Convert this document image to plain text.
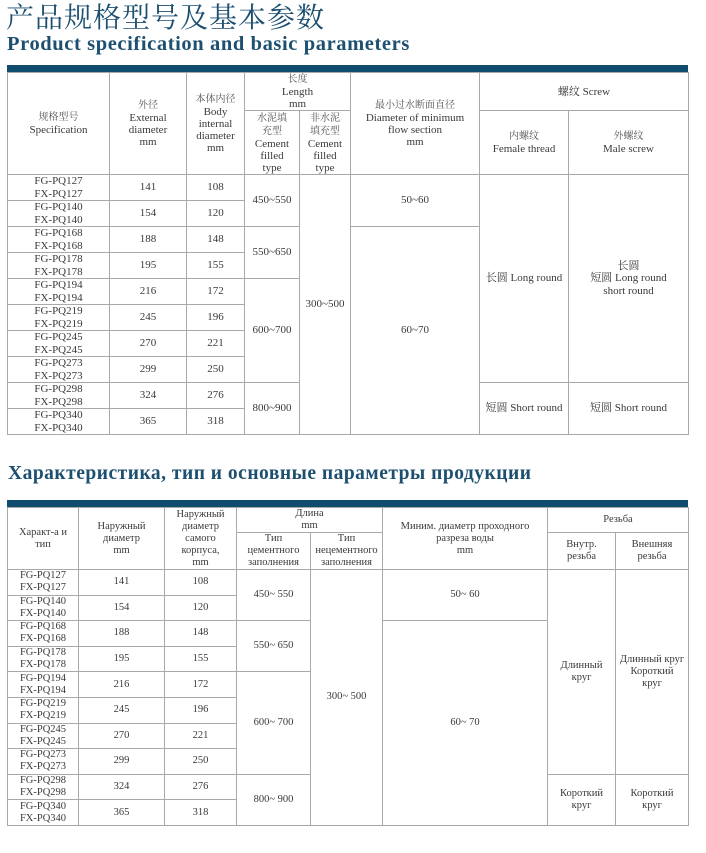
产品规格型号及基本参数
Product specification and basic parameters
规格型号
Specification	外径
External
diameter
mm	本体内径
Body
internal
diameter
mm	长度
Length
mm		最小过水断面直径
Diameter of minimum
flow section
mm	螺纹 Screw	
			水泥填
充型
Cement
filled
type	非水泥
填充型
Cement
filled
type		内螺纹
Female thread	外螺纹
Male screw

FG-PQ127
FX-PQ127	141	108	450~550	300~500	50~60	长圆 Long round	长圆
短圆 Long round
short round

FG-PQ140
FX-PQ140	154	120					

FG-PQ168
FX-PQ168	188	148	550~650		60~70		

FG-PQ178
FX-PQ178	195	155					

FG-PQ194
FX-PQ194	216	172	600~700				

FG-PQ219
FX-PQ219	245	196					

FG-PQ245
FX-PQ245	270	221					

FG-PQ273
FX-PQ273	299	250					

FG-PQ298
FX-PQ298	324	276	800~900			短圆 Short round	短圆 Short round

FG-PQ340
FX-PQ340	365	318					
Характеристика, тип и основные параметры продукции
Характ-а и
тип	Наружный
диаметр
mm	Наружный
диаметр
самого
корпуса,
mm	Длина
mm		Миним. диаметр проходного
разреза воды
mm	Резьба	
			Тип
цементного
заполнения	Тип
нецементного
заполнения		Внутр.
резьба	Внешняя
резьба

FG-PQ127
FX-PQ127	141	108	450~ 550	300~ 500	50~ 60	Длинный
круг	Длинный круг
Короткий
круг

FG-PQ140
FX-PQ140	154	120					

FG-PQ168
FX-PQ168	188	148	550~ 650		60~ 70		

FG-PQ178
FX-PQ178	195	155					

FG-PQ194
FX-PQ194	216	172	600~ 700				

FG-PQ219
FX-PQ219	245	196					

FG-PQ245
FX-PQ245	270	221					

FG-PQ273
FX-PQ273	299	250					

FG-PQ298
FX-PQ298	324	276	800~ 900			Короткий
круг	Короткий
круг

FG-PQ340
FX-PQ340	365	318					
